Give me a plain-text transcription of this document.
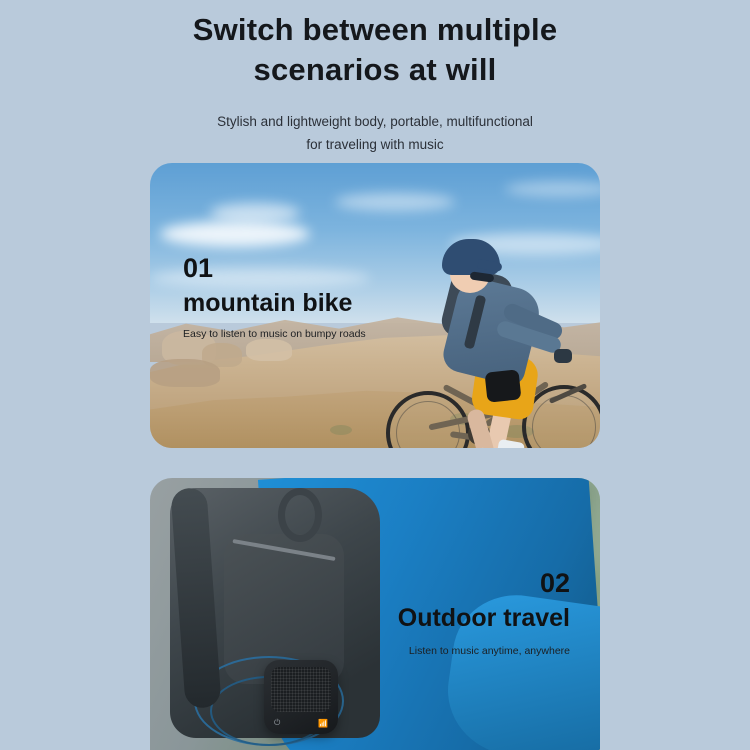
Switch between multiple scenarios at will
Stylish and lightweight body, portable, multifunctional for traveling with music
01
mountain bike
Easy to listen to music on bumpy roads
⏻	📶
02
Outdoor travel
Listen to music anytime, anywhere
